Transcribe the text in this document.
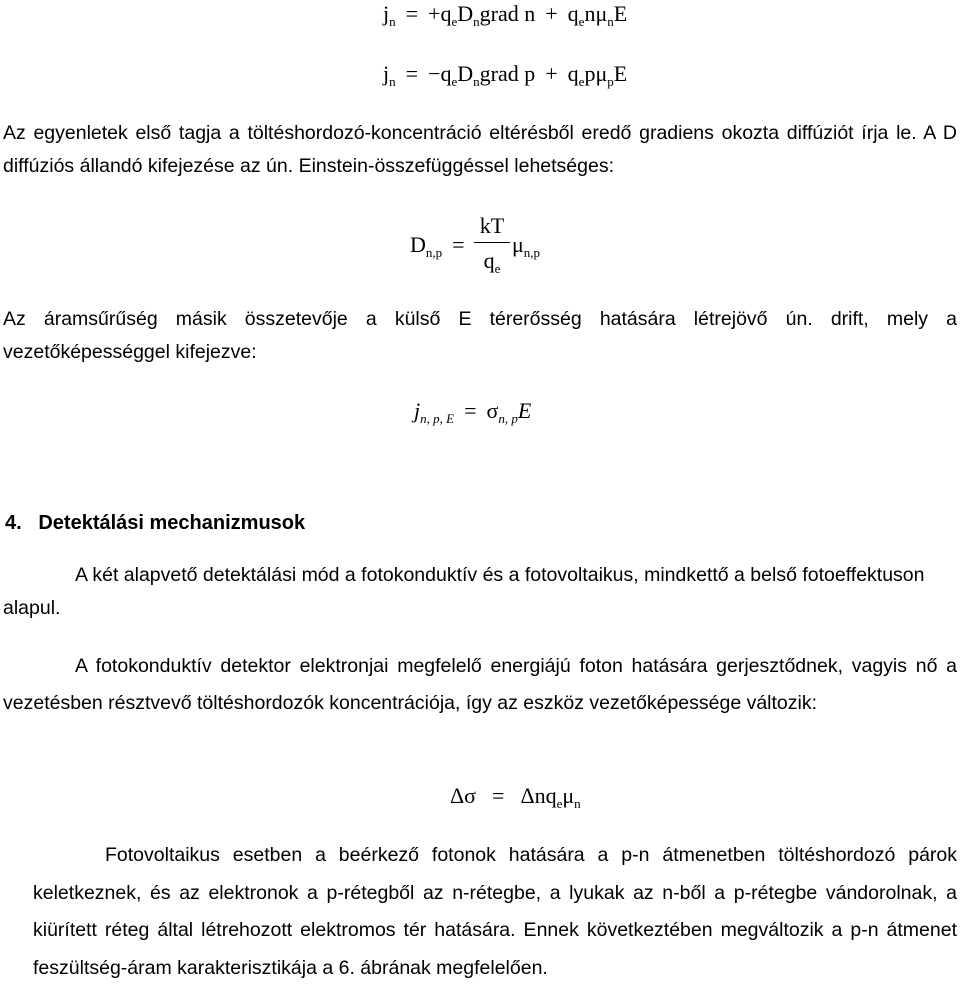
$j_n$ = $+q_eD_ngrad$ $n + q_en\mu_nE$
$j_n$ = $-q_eD_ngrad$ $p + q_ep\mu_pE$

Az egyenletek első tagja a töltéshordozó-koncentráció eltérésből eredő gradiens okozta diffúziót írja le. A D diffúziós állandó kifejezése az ún. Einstein-összefüggéssel lehetséges:

$D_{n,p}$ =
kT
$q_e$
$\mu_{n,p}$

Az áramsűrűség másik összetevője a külső E térerősség hatására létrejövő ún. drift, mely a vezetőképességgel kifejezve:

$j_{n, p, E} = \sigma_{n, p}E$

4.   Detektálási mechanizmusok

A két alapvető detektálási mód a fotokonduktív és a fotovoltaikus, mindkettő a belső fotoeffektuson alapul.

A fotokonduktív detektor elektronjai megfelelő energiájú foton hatására gerjesztődnek, vagyis nő a vezetésben résztvevő töltéshordozók koncentrációja, így az eszköz vezetőképessége változik:

$\Delta\sigma = \Delta nq_e\mu_n$

Fotovoltaikus esetben a beérkező fotonok hatására a p-n átmenetben töltéshordozó párok keletkeznek, és az elektronok a p-rétegből az n-rétegbe, a lyukak az n-ből a p-rétegbe vándorolnak, a kiürített réteg által létrehozott elektromos tér hatására. Ennek következtében megváltozik a p-n átmenet feszültség-áram karakterisztikája a 6. ábrának megfelelően.
